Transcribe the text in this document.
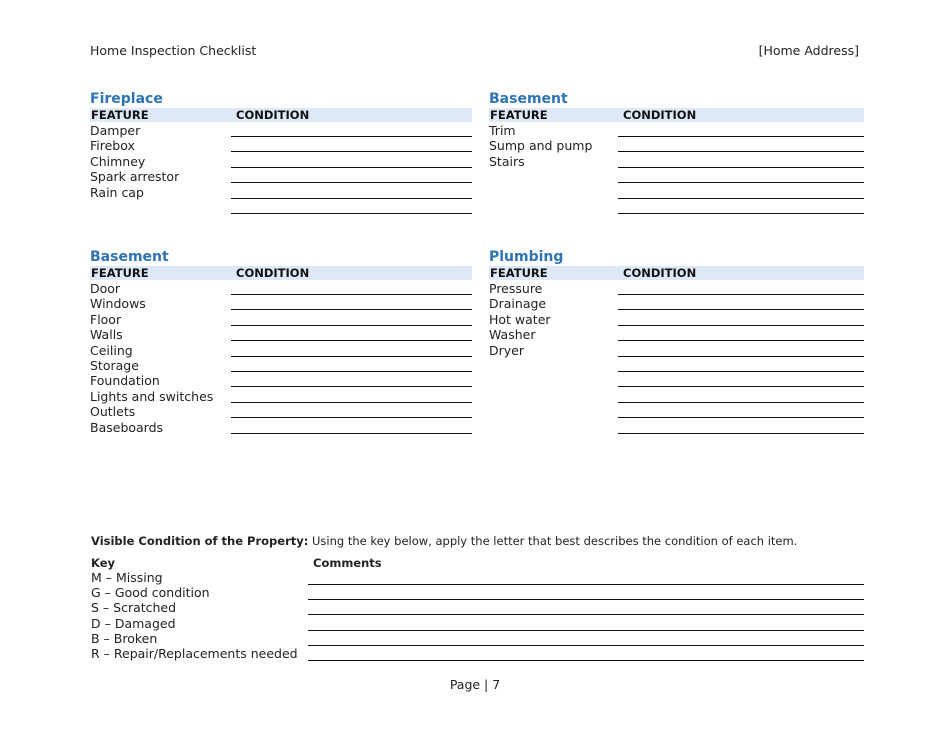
Home Inspection Checklist	[Home Address]
Fireplace
FEATURE	CONDITION
Damper
Firebox
Chimney
Spark arrestor
Rain cap
Basement
FEATURE	CONDITION
Trim
Sump and pump
Stairs
Basement
FEATURE	CONDITION
Door
Windows
Floor
Walls
Ceiling
Storage
Foundation
Lights and switches
Outlets
Baseboards
Plumbing
FEATURE	CONDITION
Pressure
Drainage
Hot water
Washer
Dryer
Visible Condition of the Property: Using the key below, apply the letter that best describes the condition of each item.
Key	Comments
M – Missing
G – Good condition
S – Scratched
D – Damaged
B – Broken
R – Repair/Replacements needed
Page | 7
